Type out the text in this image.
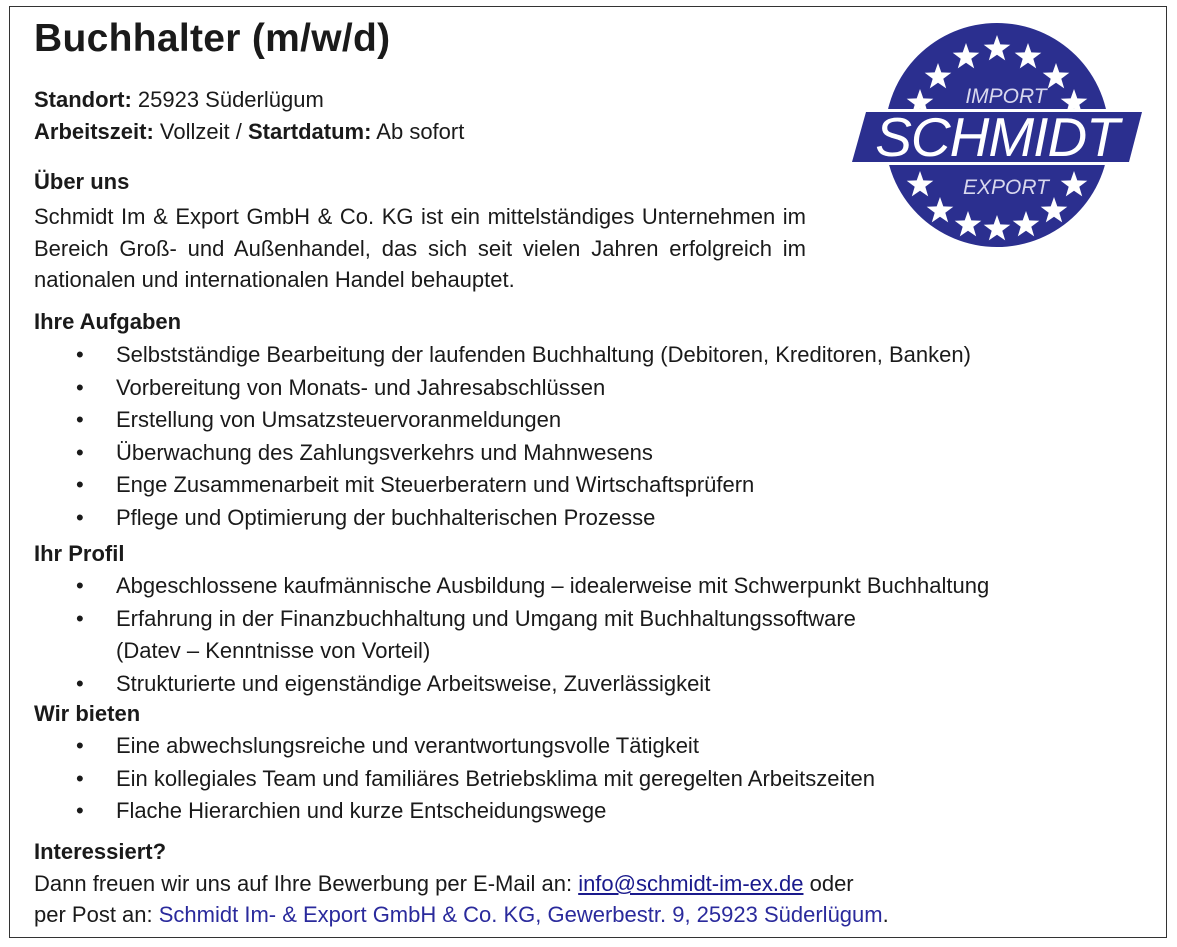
Buchhalter (m/w/d)
Standort: 25923 Süderlügum
Arbeitszeit: Vollzeit / Startdatum: Ab sofort
Über uns
Schmidt Im & Export GmbH & Co. KG ist ein mittelständiges Unternehmen im Bereich Groß- und Außenhandel, das sich seit vielen Jahren erfolgreich im nationalen und internationalen Handel behauptet.
IMPORT
SCHMIDT
EXPORT
Ihre Aufgaben
• Selbstständige Bearbeitung der laufenden Buchhaltung (Debitoren, Kreditoren, Banken)
• Vorbereitung von Monats- und Jahresabschlüssen
• Erstellung von Umsatzsteuervoranmeldungen
• Überwachung des Zahlungsverkehrs und Mahnwesens
• Enge Zusammenarbeit mit Steuerberatern und Wirtschaftsprüfern
• Pflege und Optimierung der buchhalterischen Prozesse
Ihr Profil
• Abgeschlossene kaufmännische Ausbildung – idealerweise mit Schwerpunkt Buchhaltung
• Erfahrung in der Finanzbuchhaltung und Umgang mit Buchhaltungssoftware
(Datev – Kenntnisse von Vorteil)
• Strukturierte und eigenständige Arbeitsweise, Zuverlässigkeit
Wir bieten
• Eine abwechslungsreiche und verantwortungsvolle Tätigkeit
• Ein kollegiales Team und familiäres Betriebsklima mit geregelten Arbeitszeiten
• Flache Hierarchien und kurze Entscheidungswege
Interessiert?
Dann freuen wir uns auf Ihre Bewerbung per E-Mail an: info@schmidt-im-ex.de oder
per Post an: Schmidt Im- & Export GmbH & Co. KG, Gewerbestr. 9, 25923 Süderlügum.
